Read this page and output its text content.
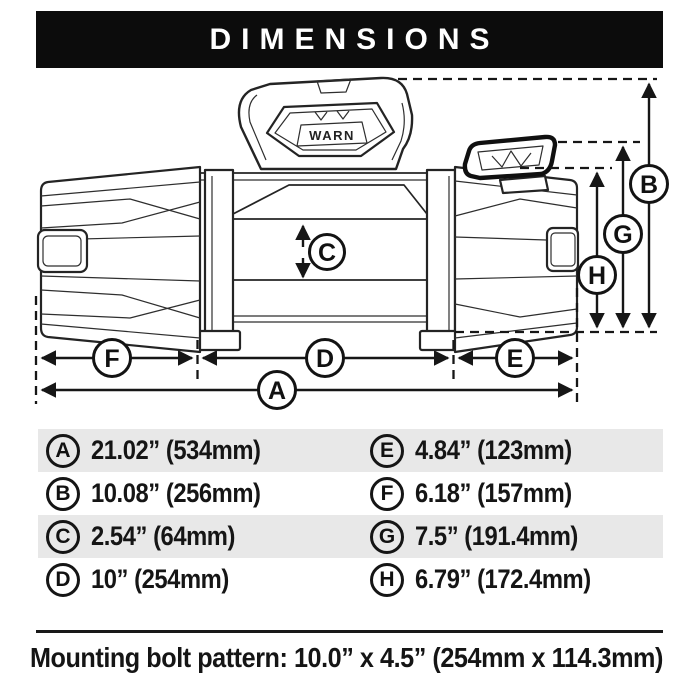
DIMENSIONS
WARN
B
G
H
C
F	D	E
A
A 21.02” (534mm)	E 4.84” (123mm)
B 10.08” (256mm)	F 6.18” (157mm)
C 2.54” (64mm)	G 7.5” (191.4mm)
D 10” (254mm)	H 6.79” (172.4mm)
Mounting bolt pattern: 10.0” x 4.5” (254mm x 114.3mm)
